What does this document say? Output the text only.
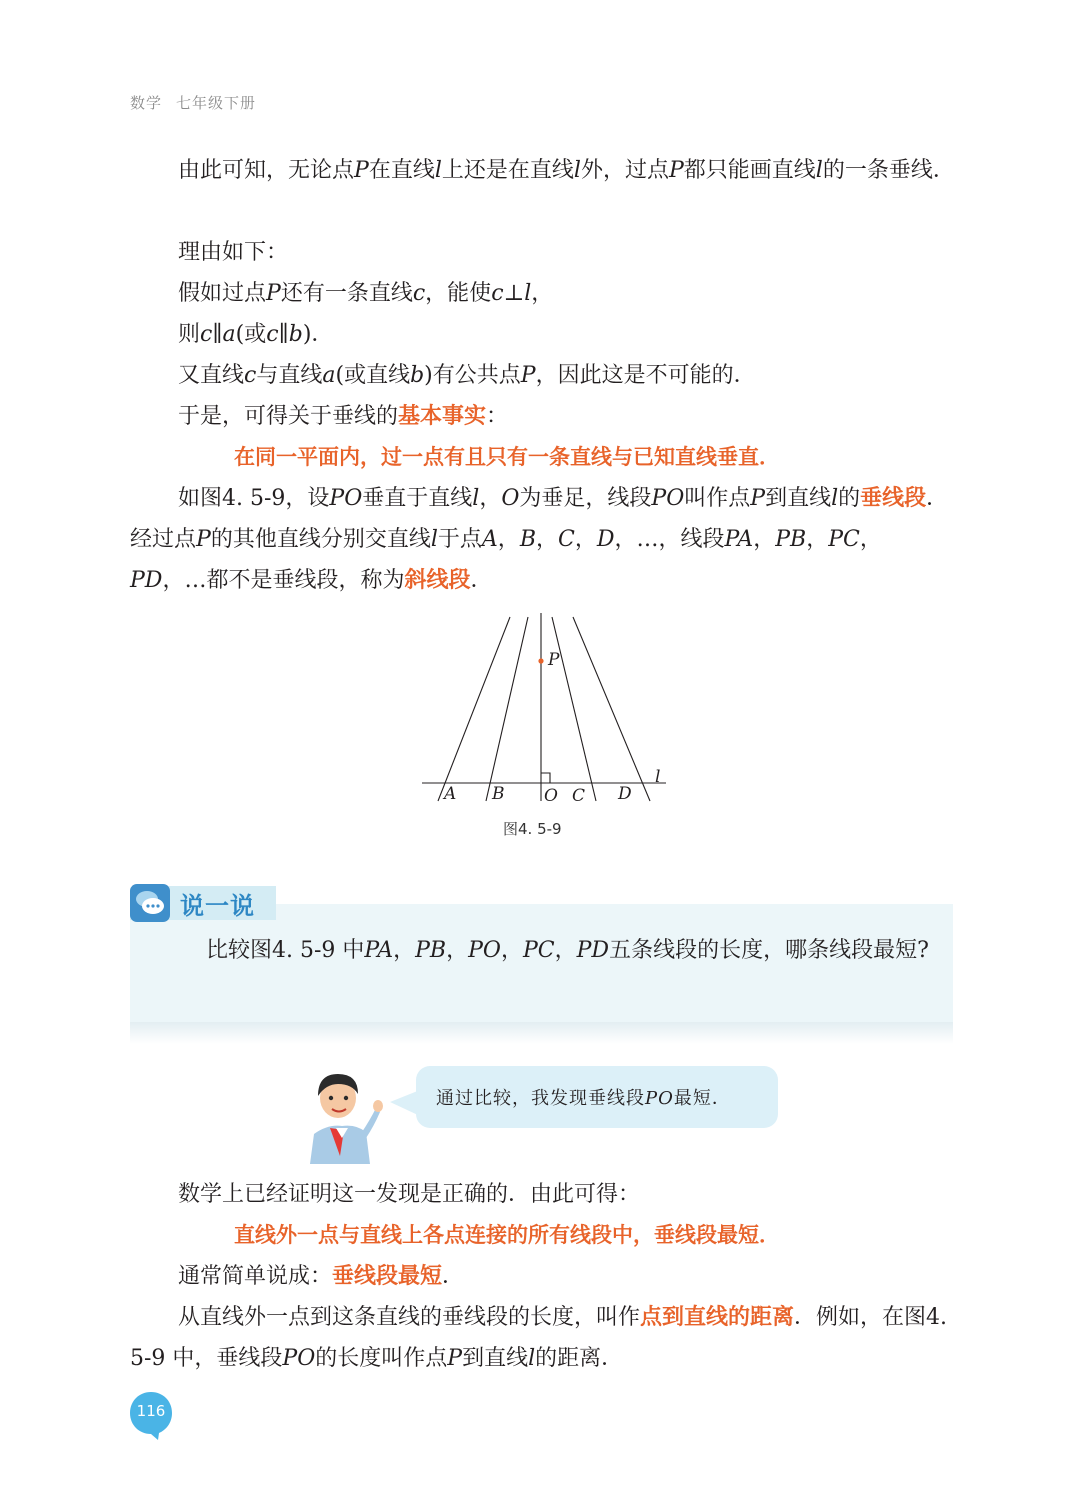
数学 七年级下册
由此可知，无论点P在直线l上还是在直线l外，过点P都只能画直线l的一条垂线．
理由如下：
假如过点P还有一条直线c，能使c⊥l，
则c∥a(或c∥b)．
又直线c与直线a(或直线b)有公共点P，因此这是不可能的．
于是，可得关于垂线的基本事实：
在同一平面内，过一点有且只有一条直线与已知直线垂直．
如图4. 5-9，设PO垂直于直线l，O为垂足，线段PO叫作点P到直线l的垂线段．经过点P的其他直线分别交直线l于点A，B，C，D，…，线段PA，PB，PC，PD，…都不是垂线段，称为斜线段．
P
l
A B O C D
图4. 5-9
说一说
比较图4. 5-9 中PA，PB，PO，PC，PD五条线段的长度，哪条线段最短?
通过比较，我发现垂线段PO最短．
数学上已经证明这一发现是正确的．由此可得：
直线外一点与直线上各点连接的所有线段中，垂线段最短．
通常简单说成：垂线段最短．
从直线外一点到这条直线的垂线段的长度，叫作点到直线的距离．例如，在图4. 5-9 中，垂线段PO的长度叫作点P到直线l的距离．
116
